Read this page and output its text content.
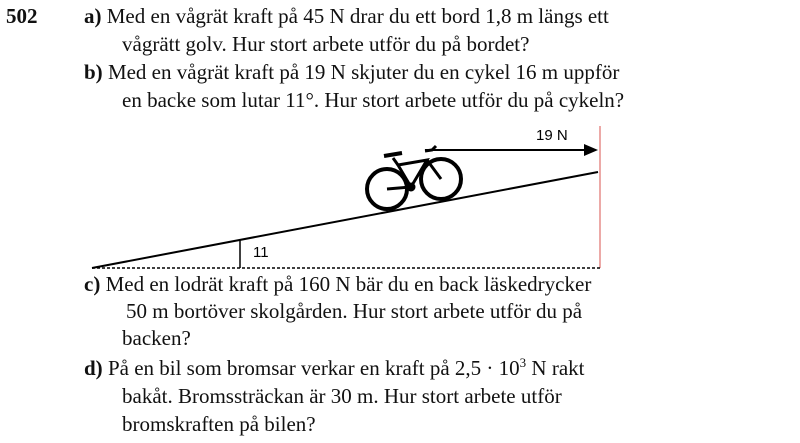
502 a) Med en vågrät kraft på 45 N drar du ett bord 1,8 m längs ett
vågrätt golv. Hur stort arbete utför du på bordet?
b) Med en vågrät kraft på 19 N skjuter du en cykel 16 m uppför
en backe som lutar 11°. Hur stort arbete utför du på cykeln?
11
19 N
c) Med en lodrät kraft på 160 N bär du en back läskedrycker
50 m bortöver skolgården. Hur stort arbete utför du på
backen?
d) På en bil som bromsar verkar en kraft på $2,5 \cdot 10^3$ N rakt
bakåt. Bromssträckan är 30 m. Hur stort arbete utför
bromskraften på bilen?
